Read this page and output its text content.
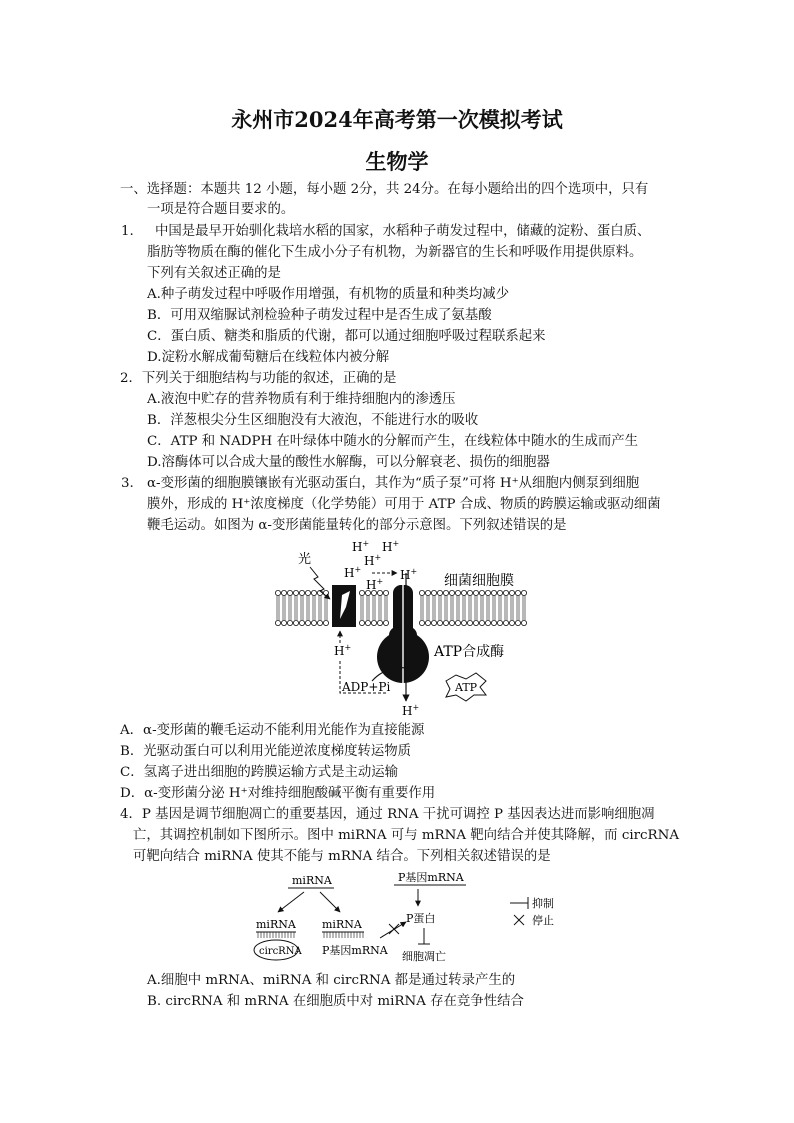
永州市2024年高考第一次模拟考试
生物学
一、选择题：本题共 12 小题，每小题 2分，共 24分。在每小题给出的四个选项中，只有
一项是符合题目要求的。
1. 中国是最早开始驯化栽培水稻的国家，水稻种子萌发过程中，储藏的淀粉、蛋白质、
脂肪等物质在酶的催化下生成小分子有机物，为新器官的生长和呼吸作用提供原料。
下列有关叙述正确的是
A.种子萌发过程中呼吸作用增强，有机物的质量和种类均减少
B．可用双缩脲试剂检验种子萌发过程中是否生成了氨基酸
C．蛋白质、糖类和脂质的代谢，都可以通过细胞呼吸过程联系起来
D.淀粉水解成葡萄糖后在线粒体内被分解
2．下列关于细胞结构与功能的叙述，正确的是
A.液泡中贮存的营养物质有利于维持细胞内的渗透压
B．洋葱根尖分生区细胞没有大液泡，不能进行水的吸收
C．ATP 和 NADPH 在叶绿体中随水的分解而产生，在线粒体中随水的生成而产生
D.溶酶体可以合成大量的酸性水解酶，可以分解衰老、损伤的细胞器
3. α-变形菌的细胞膜镶嵌有光驱动蛋白，其作为“质子泵”可将 H⁺从细胞内侧泵到细胞
膜外，形成的 H⁺浓度梯度（化学势能）可用于 ATP 合成、物质的跨膜运输或驱动细菌
鞭毛运动。如图为 α-变形菌能量转化的部分示意图。下列叙述错误的是
H+ H+
H+
H+
H+ H+
H+
H+
光
ADP+Pi	ATP
细菌细胞膜
ATP合成酶
A．α-变形菌的鞭毛运动不能利用光能作为直接能源
B．光驱动蛋白可以利用光能逆浓度梯度转运物质
C．氢离子进出细胞的跨膜运输方式是主动运输
D．α-变形菌分泌 H⁺对维持细胞酸碱平衡有重要作用
4．P 基因是调节细胞凋亡的重要基因，通过 RNA 干扰可调控 P 基因表达进而影响细胞凋
亡，其调控机制如下图所示。图中 miRNA 可与 mRNA 靶向结合并使其降解，而 circRNA
可靶向结合 miRNA 使其不能与 mRNA 结合。下列相关叙述错误的是
miRNA
miRNA
circRNA
miRNA
P基因mRNA
P基因mRNA
P蛋白
细胞凋亡
抑制
停止
A.细胞中 mRNA、miRNA 和 circRNA 都是通过转录产生的
B. circRNA 和 mRNA 在细胞质中对 miRNA 存在竞争性结合
